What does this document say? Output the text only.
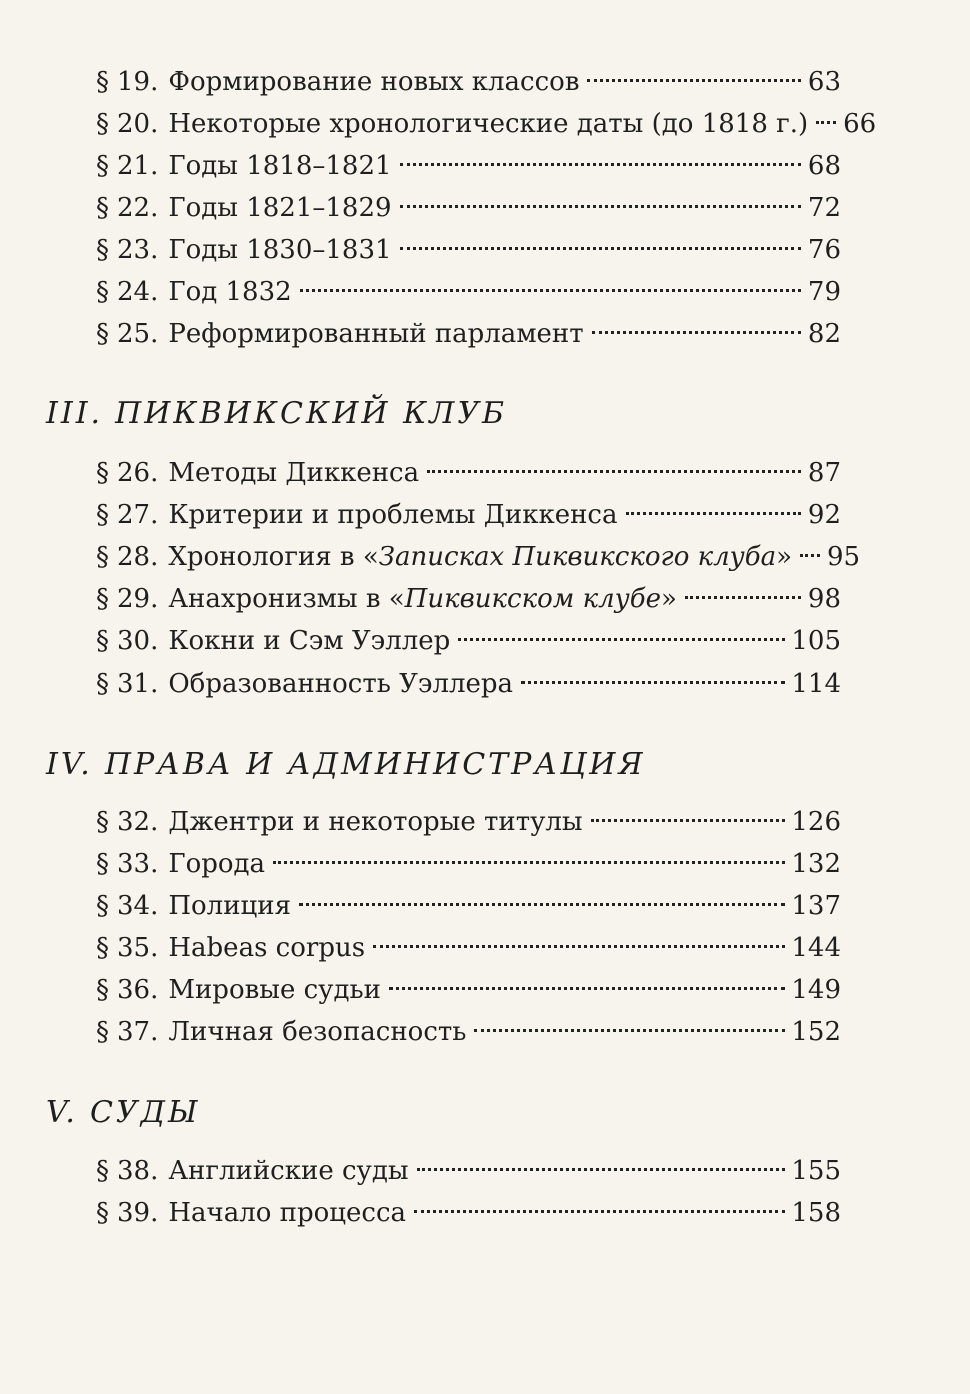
§ 19. Формирование новых классов	63
§ 20. Некоторые хронологические даты (до 1818 г.) 66
§ 21. Годы 1818–1821	68
§ 22. Годы 1821–1829	72
§ 23. Годы 1830–1831	76
§ 24. Год 1832	79
§ 25. Реформированный парламент	82
III. ПИКВИКСКИЙ КЛУБ
§ 26. Методы Диккенса	87
§ 27. Критерии и проблемы Диккенса	92
§ 28. Хронология в «Записках Пиквикского клуба» 95
§ 29. Анахронизмы в «Пиквикском клубе»	98
§ 30. Кокни и Сэм Уэллер	105
§ 31. Образованность Уэллера	114
IV. ПРАВА И АДМИНИСТРАЦИЯ
§ 32. Джентри и некоторые титулы	126
§ 33. Города	132
§ 34. Полиция	137
§ 35. Habeas corpus	144
§ 36. Мировые судьи	149
§ 37. Личная безопасность	152
V. СУДЫ
§ 38. Английские суды	155
§ 39. Начало процесса	158
